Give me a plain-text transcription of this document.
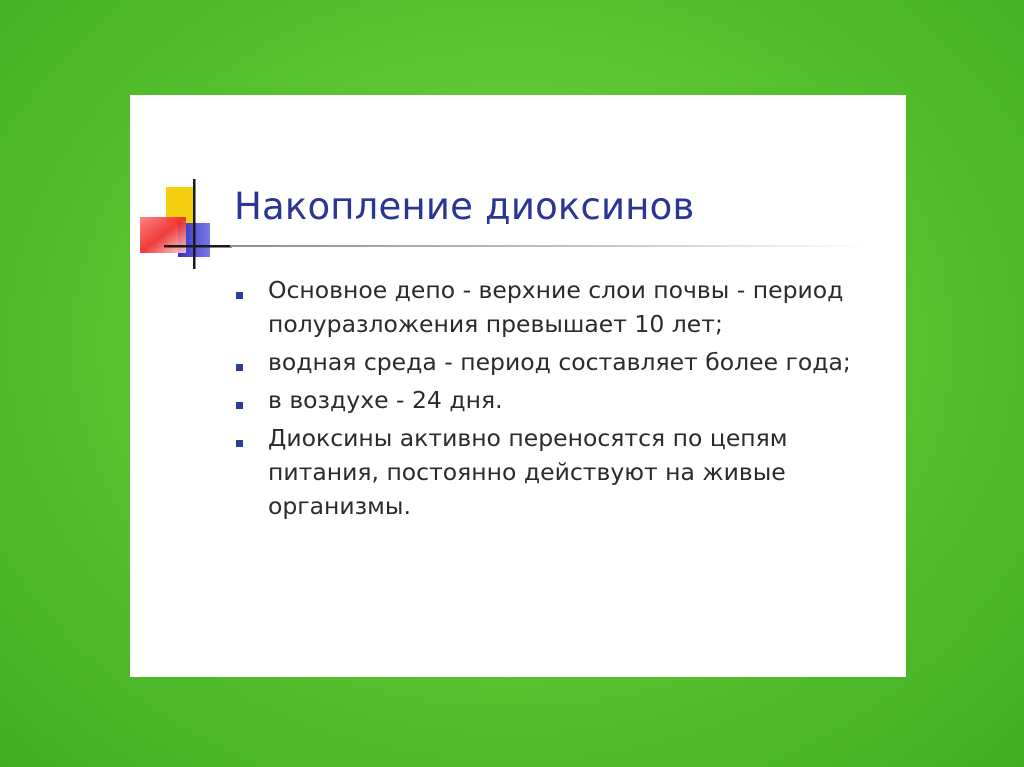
Накопление диоксинов
Основное депо - верхние слои почвы - период полуразложения превышает 10 лет;
водная среда - период составляет более года;
в воздухе - 24 дня.
Диоксины активно переносятся по цепям питания, постоянно действуют на живые организмы.
